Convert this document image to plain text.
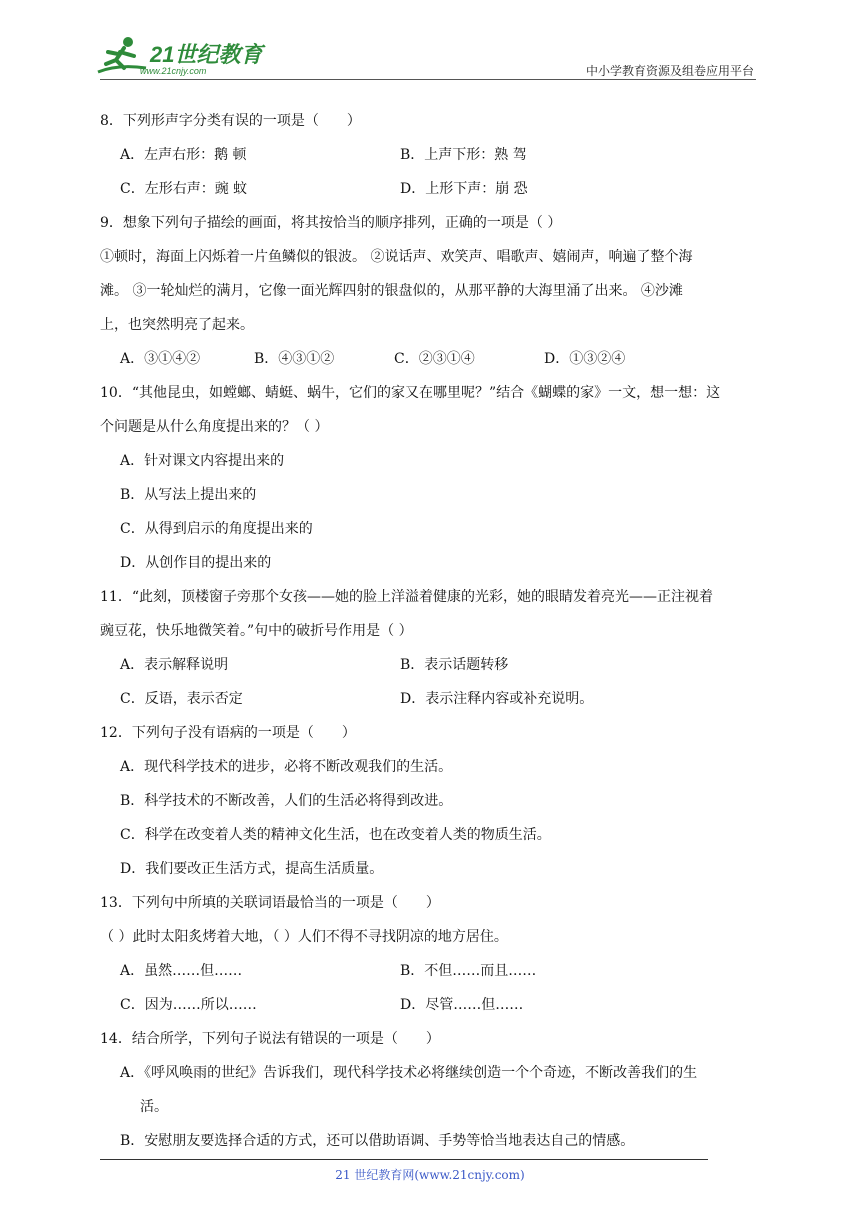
21世纪教育
www.21cnjy.com	中小学教育资源及组卷应用平台
8．下列形声字分类有误的一项是（　　）
A．左声右形：鹅 顿	B．上声下形：熟 驾
C．左形右声：豌 蚊	D．上形下声：崩 恐
9．想象下列句子描绘的画面，将其按恰当的顺序排列，正确的一项是（ ）
①顿时，海面上闪烁着一片鱼鳞似的银波。 ②说话声、欢笑声、唱歌声、嬉闹声，响遍了整个海
滩。 ③一轮灿烂的满月，它像一面光辉四射的银盘似的，从那平静的大海里涌了出来。 ④沙滩
上，也突然明亮了起来。
A．③①④②	B．④③①②	C．②③①④	D．①③②④
10．“其他昆虫，如螳螂、蜻蜓、蜗牛，它们的家又在哪里呢？”结合《蝴蝶的家》一文，想一想：这
个问题是从什么角度提出来的？（ ）
A．针对课文内容提出来的
B．从写法上提出来的
C．从得到启示的角度提出来的
D．从创作目的提出来的
11．“此刻，顶楼窗子旁那个女孩——她的脸上洋溢着健康的光彩，她的眼睛发着亮光——正注视着
豌豆花，快乐地微笑着。”句中的破折号作用是（ ）
A．表示解释说明	B．表示话题转移
C．反语，表示否定	D．表示注释内容或补充说明。
12．下列句子没有语病的一项是（　　）
A．现代科学技术的进步，必将不断改观我们的生活。
B．科学技术的不断改善，人们的生活必将得到改进。
C．科学在改变着人类的精神文化生活，也在改变着人类的物质生活。
D．我们要改正生活方式，提高生活质量。
13．下列句中所填的关联词语最恰当的一项是（　　）
（ ）此时太阳炙烤着大地，（ ）人们不得不寻找阴凉的地方居住。
A．虽然……但……	B．不但……而且……
C．因为……所以……	D．尽管……但……
14．结合所学，下列句子说法有错误的一项是（　　）
A．《呼风唤雨的世纪》告诉我们，现代科学技术必将继续创造一个个奇迹，不断改善我们的生
活。
B．安慰朋友要选择合适的方式，还可以借助语调、手势等恰当地表达自己的情感。
21 世纪教育网(www.21cnjy.com)
